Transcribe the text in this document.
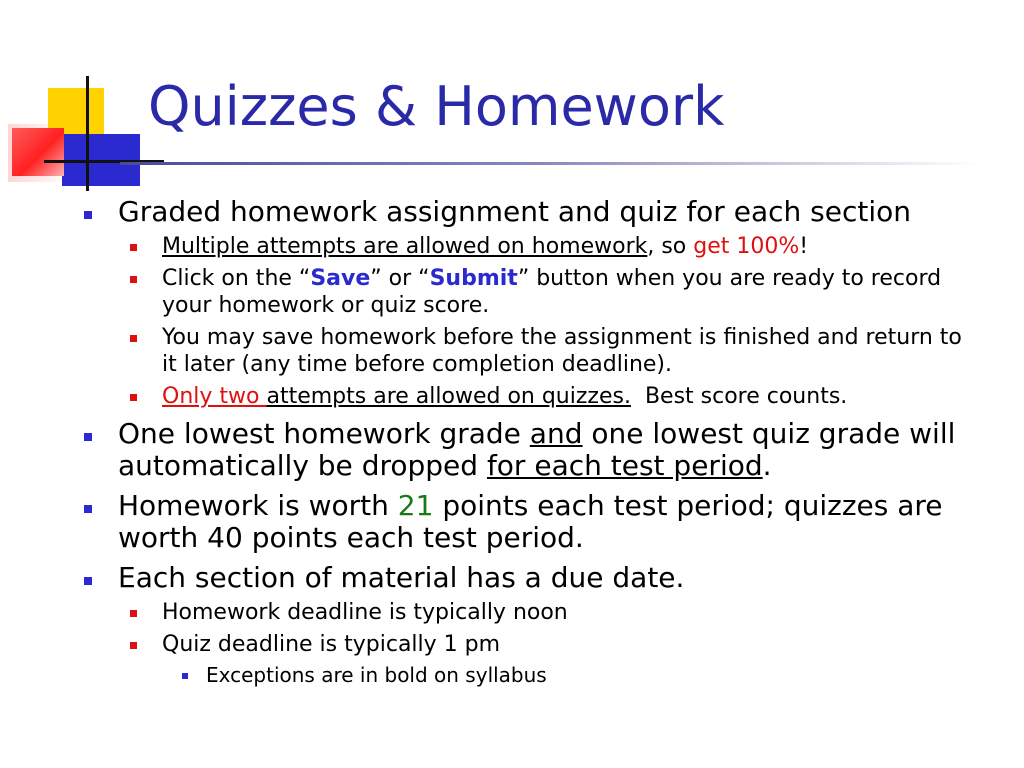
Quizzes & Homework
Graded homework assignment and quiz for each section
Multiple attempts are allowed on homework, so get 100%!
Click on the “Save” or “Submit” button when you are ready to record your homework or quiz score.
You may save homework before the assignment is finished and return to it later (any time before completion deadline).
Only two attempts are allowed on quizzes.  Best score counts.
One lowest homework grade and one lowest quiz grade will automatically be dropped for each test period.
Homework is worth 21 points each test period; quizzes are worth 40 points each test period.
Each section of material has a due date.
Homework deadline is typically noon
Quiz deadline is typically 1 pm
Exceptions are in bold on syllabus
